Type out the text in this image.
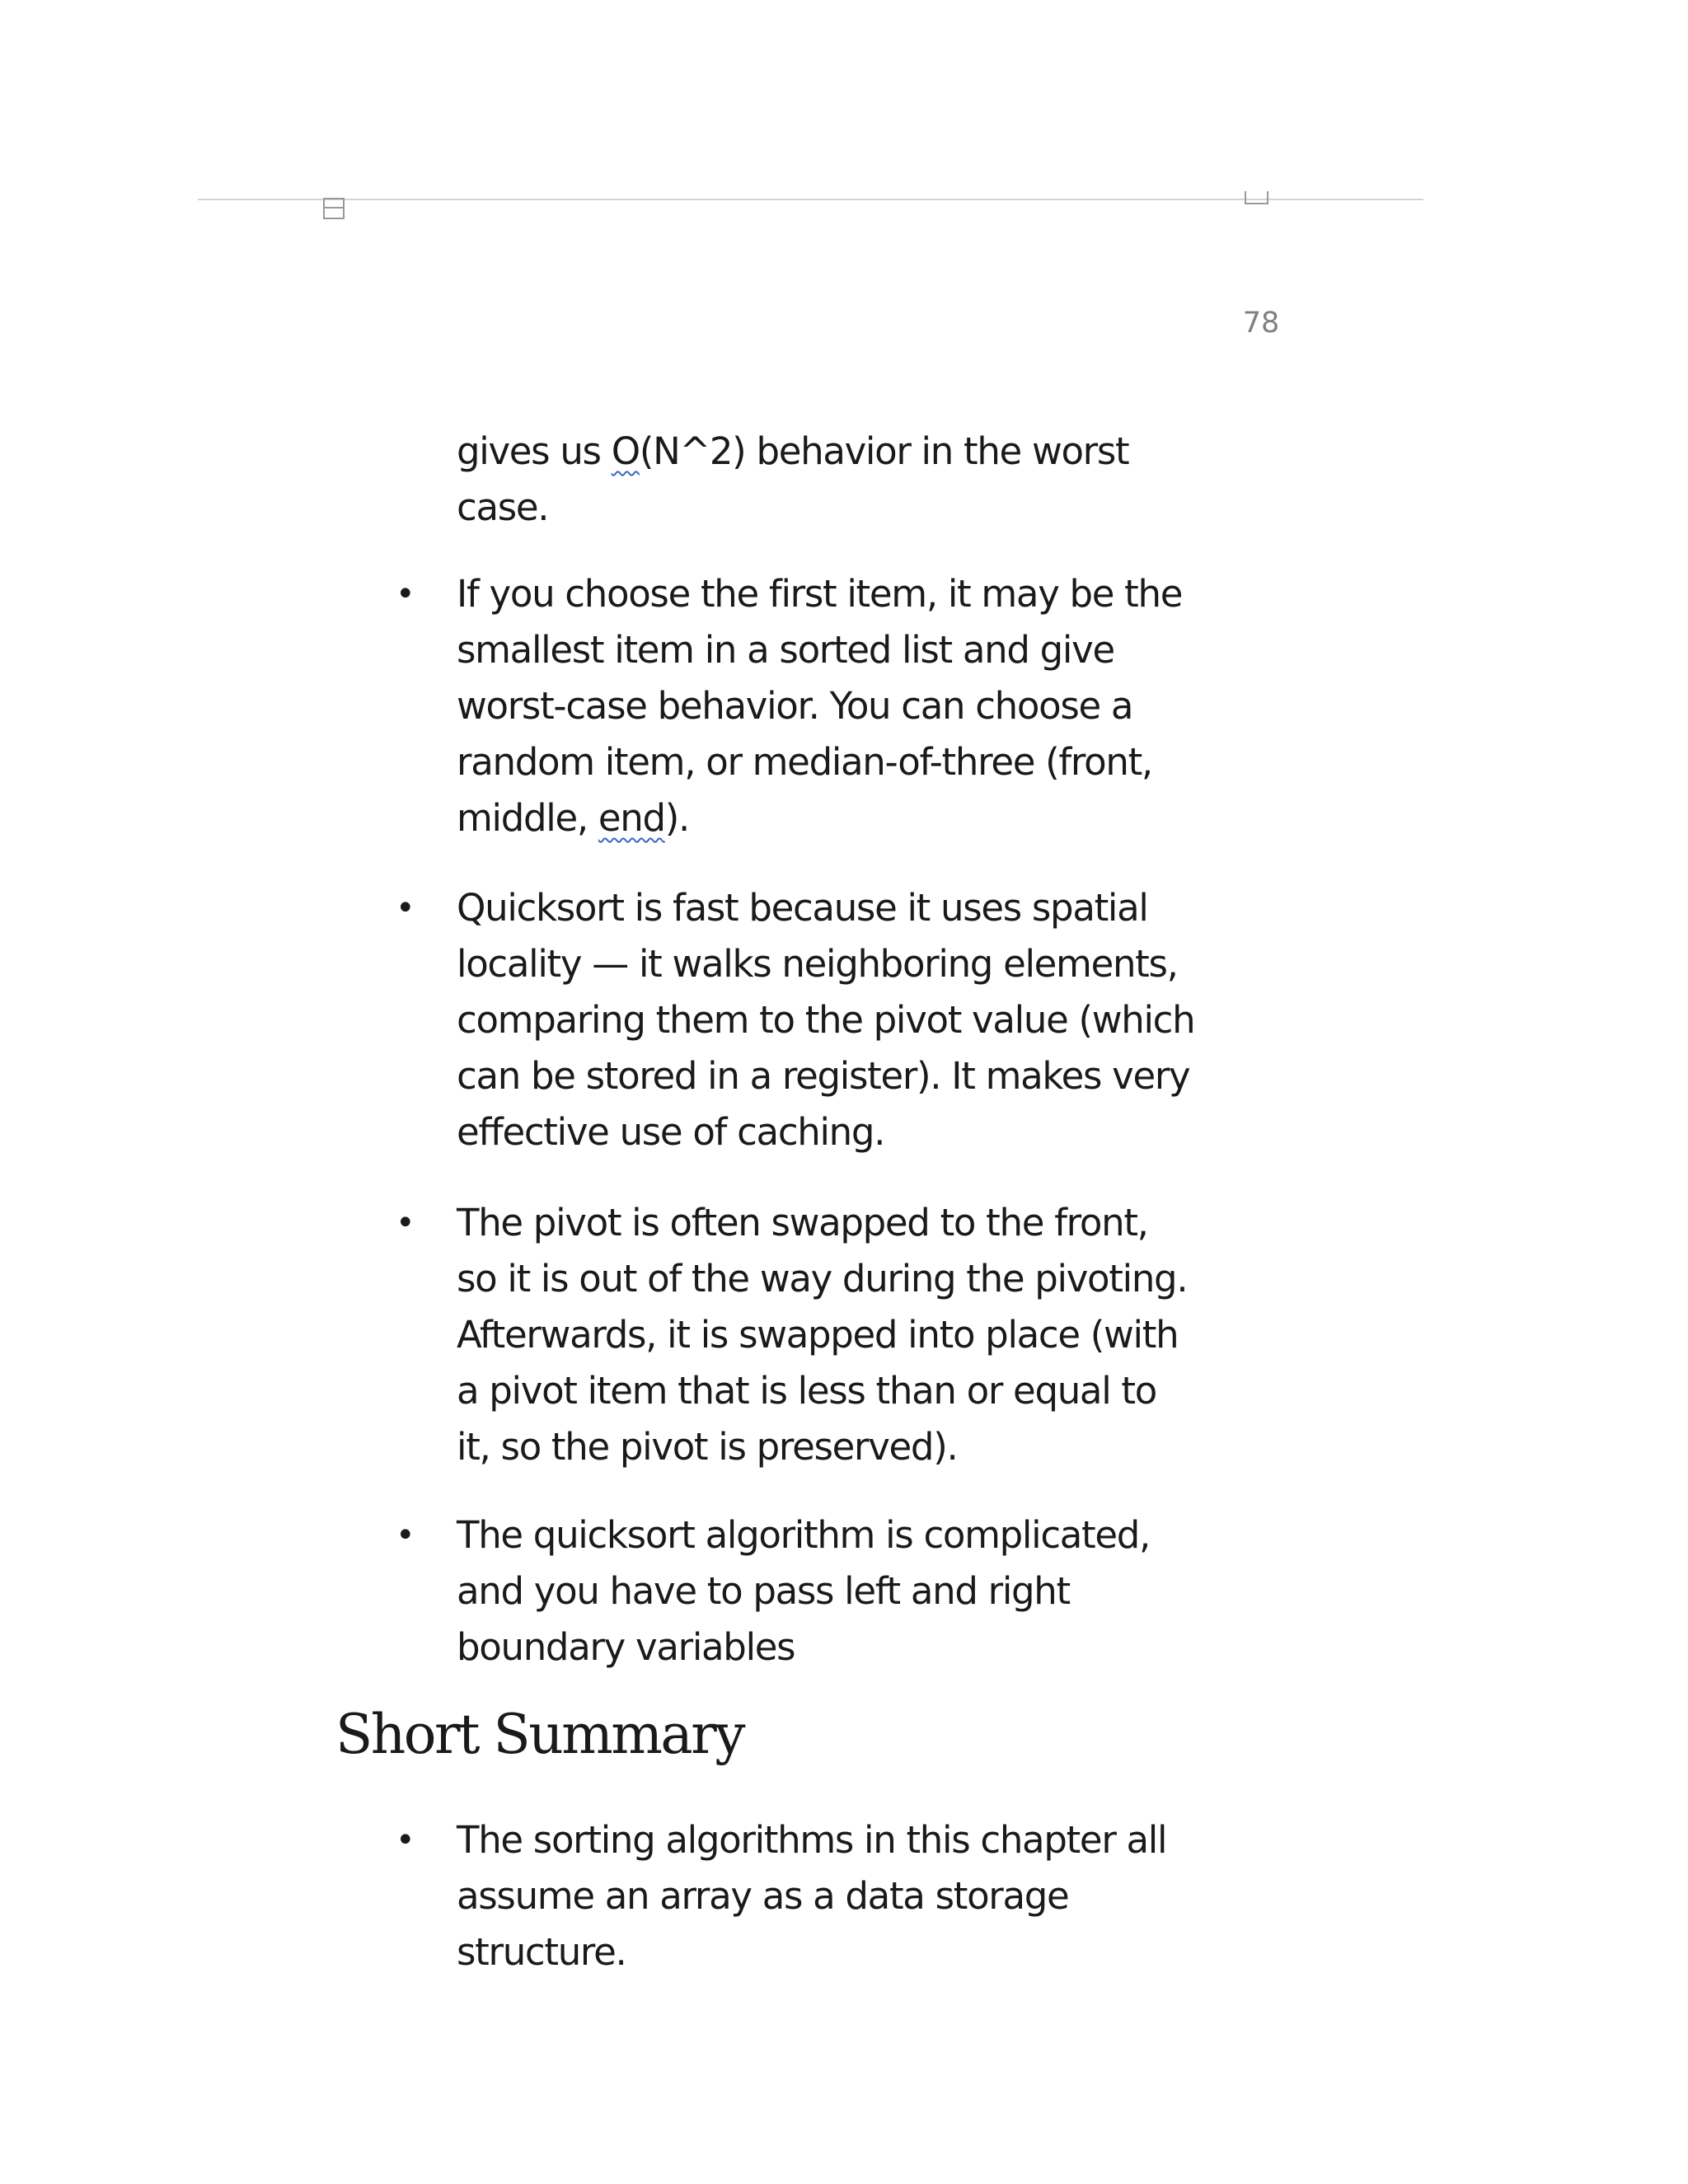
78
gives us O(N^2) behavior in the worst
case.
• If you choose the first item, it may be the
smallest item in a sorted list and give
worst-case behavior. You can choose a
random item, or median-of-three (front,
middle, end).
• Quicksort is fast because it uses spatial
locality — it walks neighboring elements,
comparing them to the pivot value (which
can be stored in a register). It makes very
effective use of caching.
• The pivot is often swapped to the front,
so it is out of the way during the pivoting.
Afterwards, it is swapped into place (with
a pivot item that is less than or equal to
it, so the pivot is preserved).
• The quicksort algorithm is complicated,
and you have to pass left and right
boundary variables
Short Summary
• The sorting algorithms in this chapter all
assume an array as a data storage
structure.
